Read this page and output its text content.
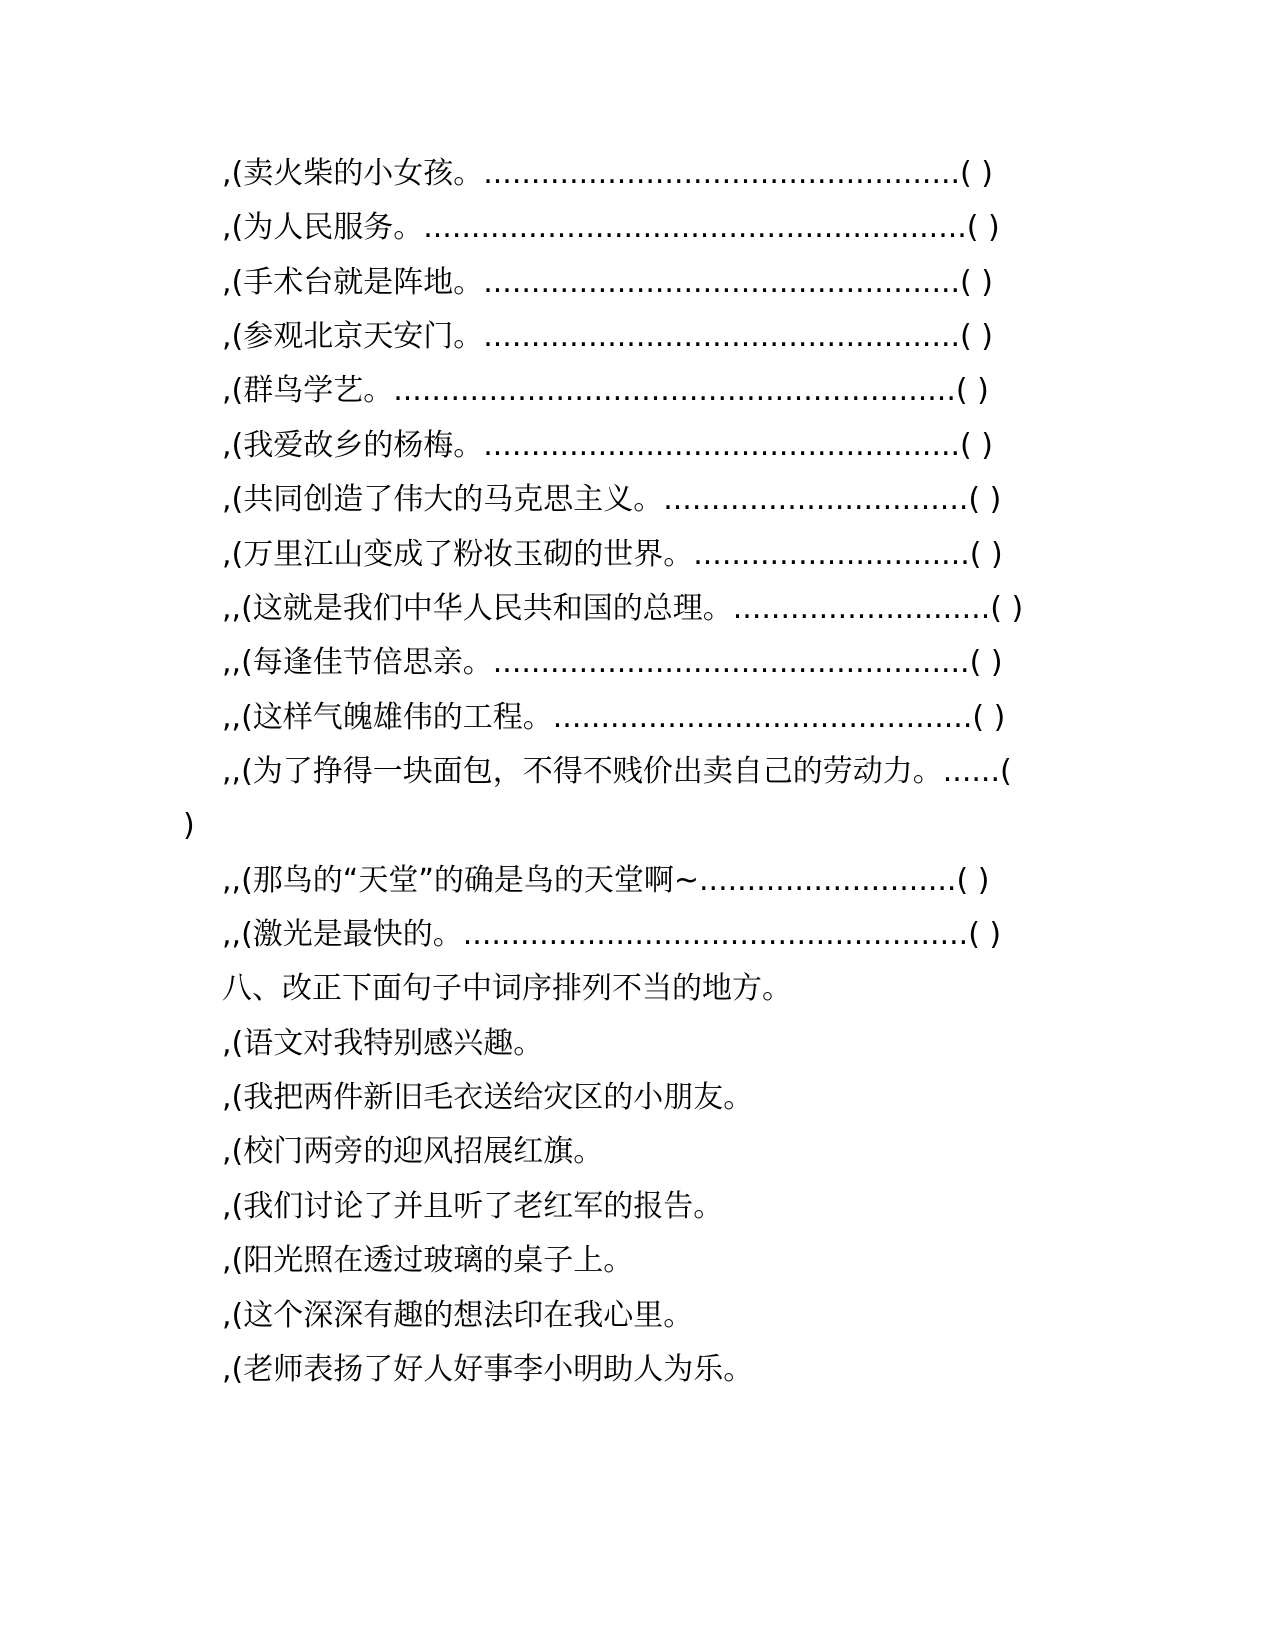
,(卖火柴的小女孩。..................................................( )
,(为人民服务。.........................................................( )
,(手术台就是阵地。..................................................( )
,(参观北京天安门。..................................................( )
,(群鸟学艺。...........................................................( )
,(我爱故乡的杨梅。..................................................( )
,(共同创造了伟大的马克思主义。................................( )
,(万里江山变成了粉妆玉砌的世界。.............................( )
,,(这就是我们中华人民共和国的总理。...........................( )
,,(每逢佳节倍思亲。..................................................( )
,,(这样气魄雄伟的工程。............................................( )
,,(为了挣得一块面包，不得不贱价出卖自己的劳动力。......(
)
,,(那鸟的“天堂”的确是鸟的天堂啊~...........................( )
,,(激光是最快的。.....................................................( )
八、改正下面句子中词序排列不当的地方。
,(语文对我特别感兴趣。
,(我把两件新旧毛衣送给灾区的小朋友。
,(校门两旁的迎风招展红旗。
,(我们讨论了并且听了老红军的报告。
,(阳光照在透过玻璃的桌子上。
,(这个深深有趣的想法印在我心里。
,(老师表扬了好人好事李小明助人为乐。
